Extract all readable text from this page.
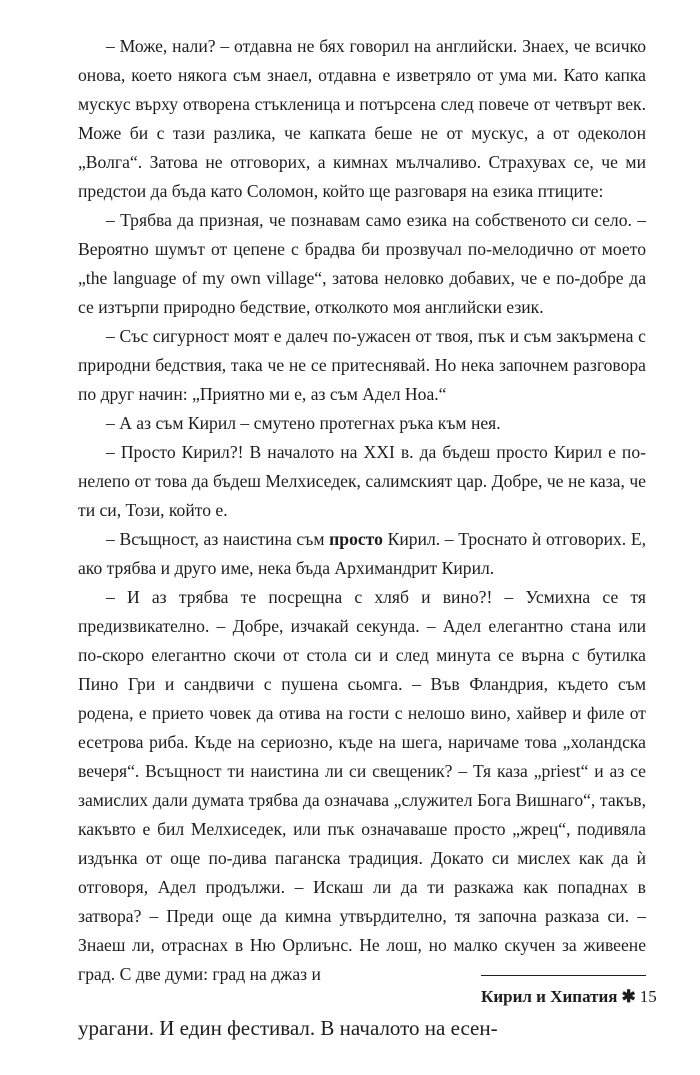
– Може, нали? – отдавна не бях говорил на английски. Знаех, че всичко онова, което някога съм знаел, отдавна е изветряло от ума ми. Като капка мускус върху отворена стъкленица и потърсена след повече от четвърт век. Може би с тази разлика, че капката беше не от мускус, а от одеколон „Волга“. Затова не отговорих, а кимнах мълчаливо. Страхувах се, че ми предстои да бъда като Соломон, който ще разговаря на езика птиците:

– Трябва да призная, че познавам само езика на собственото си село. – Вероятно шумът от цепене с брадва би прозвучал по-мелодично от моето „the language of my own village“, затова неловко добавих, че е по-добре да се изтърпи природно бедствие, отколкото моя английски език.

– Със сигурност моят е далеч по-ужасен от твоя, пък и съм закърмена с природни бедствия, така че не се притеснявай. Но нека започнем разговора по друг начин: „Приятно ми е, аз съм Адел Ноа.“

– А аз съм Кирил – смутено протегнах ръка към нея.

– Просто Кирил?! В началото на XXI в. да бъдеш просто Кирил е по-нелепо от това да бъдеш Мелхиседек, салимският цар. Добре, че не каза, че ти си, Този, който е.

– Всъщност, аз наистина съм просто Кирил. – Троснато ѝ отговорих. Е, ако трябва и друго име, нека бъда Архимандрит Кирил.

– И аз трябва те посрещна с хляб и вино?! – Усмихна се тя предизвикателно. – Добре, изчакай секунда. – Адел елегантно стана или по-скоро елегантно скочи от стола си и след минута се върна с бутилка Пино Гри и сандвичи с пушена сьомга. – Във Фландрия, където съм родена, е прието човек да отива на гости с нелошо вино, хайвер и филе от есетрова риба. Къде на сериозно, къде на шега, наричаме това „холандска вечеря“. Всъщност ти наистина ли си свещеник? – Тя каза „priest“ и аз се замислих дали думата трябва да означава „служител Бога Вишнаго“, такъв, какъвто е бил Мелхиседек, или пък означаваше просто „жрец“, подивяла издънка от още по-дива паганска традиция. Докато си мислех как да ѝ отговоря, Адел продължи. – Искаш ли да ти разкажа как попаднах в затвора? – Преди още да кимна утвърдително, тя започна разказа си. – Знаеш ли, отраснах в Ню Орлиънс. Не лош, но малко скучен за живеене град. С две думи: град на джаз и

урагани. И един фестивал. В началото на есен-
Кирил и Хипатия ✱ 15
